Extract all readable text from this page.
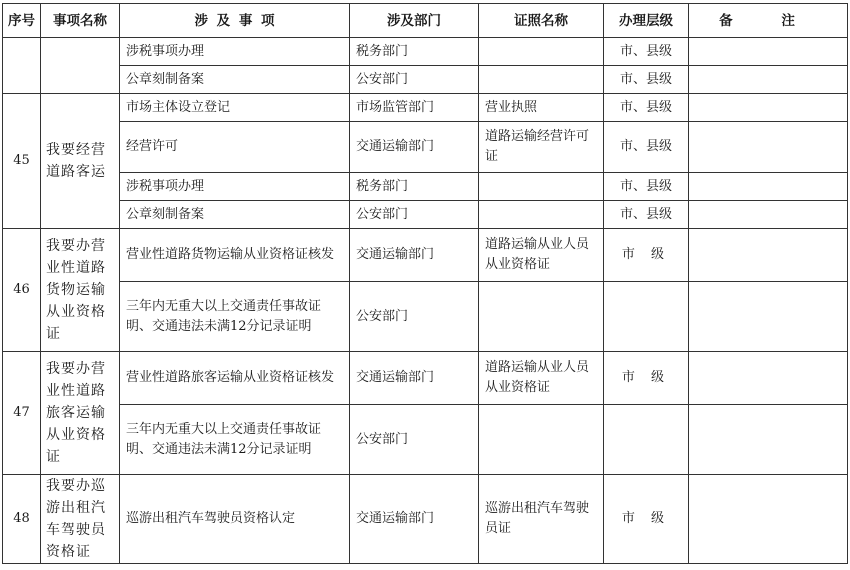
序号	事项名称	涉 及 事 项	涉及部门	证照名称	办理层级	备 注
		涉税事项办理	税务部门		市、县级	
		公章刻制备案	公安部门		市、县级	
45	我要经营道路客运	市场主体设立登记	市场监管部门	营业执照	市、县级	
		经营许可	交通运输部门	道路运输经营许可证	市、县级	
		涉税事项办理	税务部门		市、县级	
		公章刻制备案	公安部门		市、县级	
46	我要办营业性道路货物运输从业资格证	营业性道路货物运输从业资格证核发	交通运输部门	道路运输从业人员从业资格证	市 级	
		三年内无重大以上交通责任事故证明、交通违法未满12分记录证明	公安部门			
47	我要办营业性道路旅客运输从业资格证	营业性道路旅客运输从业资格证核发	交通运输部门	道路运输从业人员从业资格证	市 级	
		三年内无重大以上交通责任事故证明、交通违法未满12分记录证明	公安部门			
48	我要办巡游出租汽车驾驶员资格证	巡游出租汽车驾驶员资格认定	交通运输部门	巡游出租汽车驾驶员证	市 级	
